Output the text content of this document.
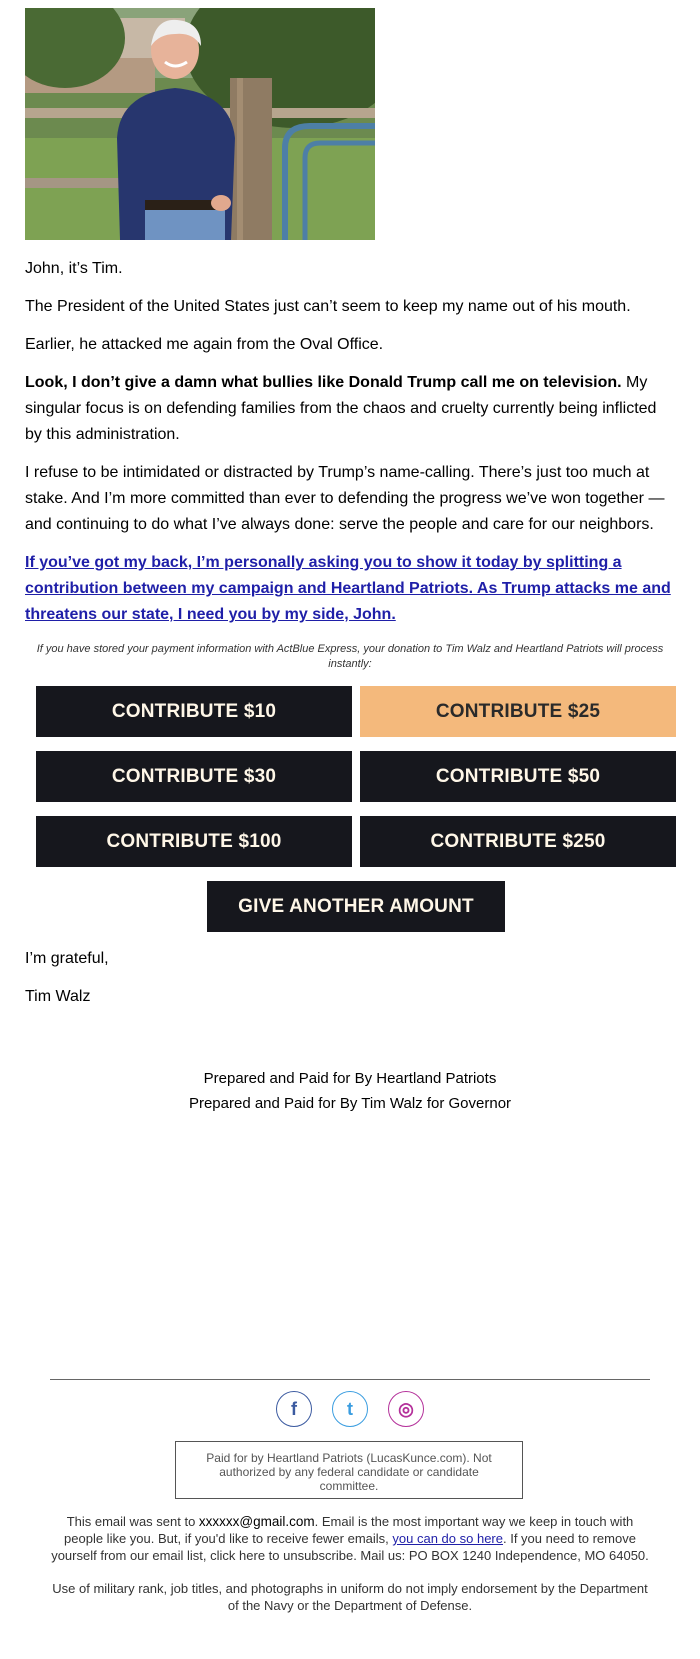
John, it’s Tim.

The President of the United States just can’t seem to keep my name out of his mouth.

Earlier, he attacked me again from the Oval Office.

Look, I don’t give a damn what bullies like Donald Trump call me on television. My singular focus is on defending families from the chaos and cruelty currently being inflicted by this administration.

I refuse to be intimidated or distracted by Trump’s name-calling. There’s just too much at stake. And I’m more committed than ever to defending the progress we’ve won together — and continuing to do what I’ve always done: serve the people and care for our neighbors.

If you’ve got my back, I’m personally asking you to show it today by splitting a contribution between my campaign and Heartland Patriots. As Trump attacks me and threatens our state, I need you by my side, John.

If you have stored your payment information with ActBlue Express, your donation to Tim Walz and Heartland Patriots will process instantly:
CONTRIBUTE $10	CONTRIBUTE $25
CONTRIBUTE $30	CONTRIBUTE $50
CONTRIBUTE $100	CONTRIBUTE $250
GIVE ANOTHER AMOUNT

I’m grateful,

Tim Walz

Prepared and Paid for By Heartland Patriots
Prepared and Paid for By Tim Walz for Governor
f	t	◎
Paid for by Heartland Patriots (LucasKunce.com). Not authorized by any federal candidate or candidate committee.
This email was sent to xxxxxx@gmail.com. Email is the most important way we keep in touch with people like you. But, if you'd like to receive fewer emails, you can do so here. If you need to remove yourself from our email list, click here to unsubscribe. Mail us: PO BOX 1240 Independence, MO 64050.
Use of military rank, job titles, and photographs in uniform do not imply endorsement by the Department of the Navy or the Department of Defense.
